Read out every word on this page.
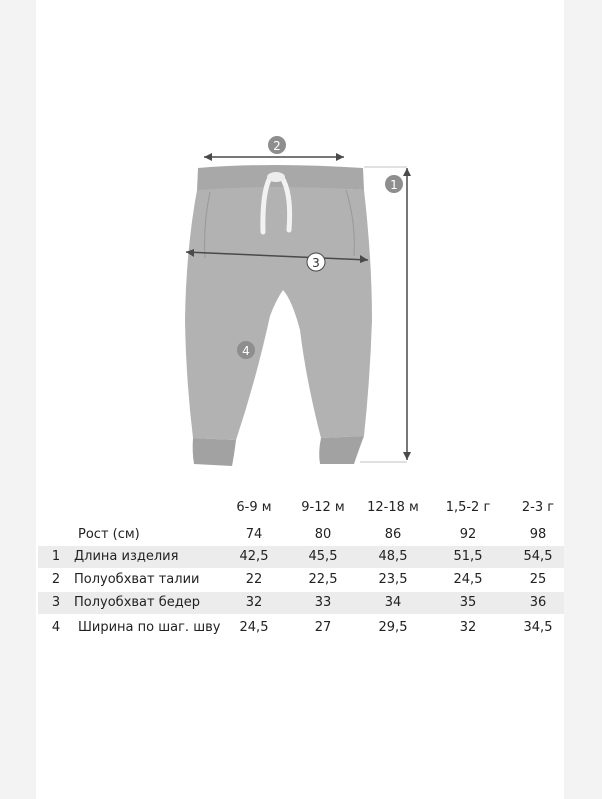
1
2
3
4
6-9 м	9-12 м	12-18 м	1,5-2 г	2-3 г
Рост (см)	74	80	86	92	98
1	Длина изделия	42,5	45,5	48,5	51,5	54,5
2	Полуобхват талии	22	22,5	23,5	24,5	25
3	Полуобхват бедер	32	33	34	35	36
4	Ширина по шаг. шву	24,5	27	29,5	32	34,5
